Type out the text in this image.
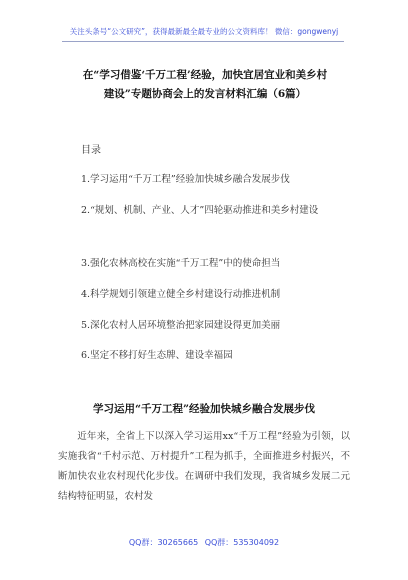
关注头条号“公文研究”，获得最新最全最专业的公文资料库！ 微信：gongwenyj
在“学习借鉴‘千万工程’经验，加快宜居宜业和美乡村
建设”专题协商会上的发言材料汇编（6篇）
目录
1.学习运用“千万工程”经验加快城乡融合发展步伐
2.“规划、机制、产业、人才”四轮驱动推进和美乡村建设
3.强化农林高校在实施“千万工程”中的使命担当
4.科学规划引领建立健全乡村建设行动推进机制
5.深化农村人居环境整治把家园建设得更加美丽
6.坚定不移打好生态牌、建设幸福园
学习运用“千万工程”经验加快城乡融合发展步伐
近年来，全省上下以深入学习运用xx“千万工程”经验为引领，以实施我省“千村示范、万村提升”工程为抓手，全面推进乡村振兴，不断加快农业农村现代化步伐。在调研中我们发现，我省城乡发展二元结构特征明显，农村发
QQ群：30265665 QQ群：535304092
